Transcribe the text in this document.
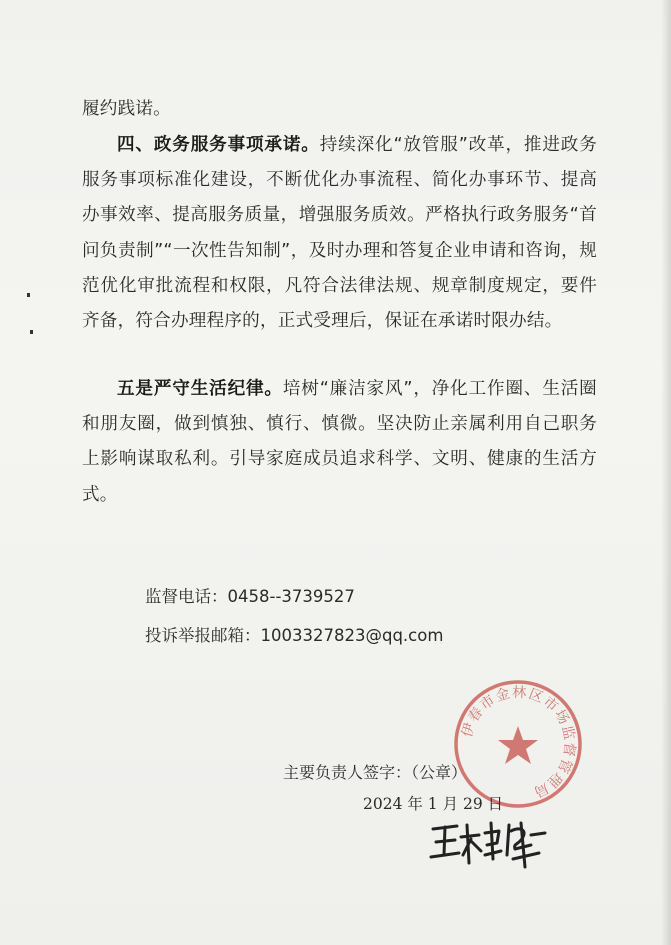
履约践诺。

四、政务服务事项承诺。持续深化“放管服”改革，推进政务服务事项标准化建设，不断优化办事流程、简化办事环节、提高办事效率、提高服务质量，增强服务质效。严格执行政务服务“首问负责制”“一次性告知制”，及时办理和答复企业申请和咨询，规范优化审批流程和权限，凡符合法律法规、规章制度规定，要件齐备，符合办理程序的，正式受理后，保证在承诺时限办结。

五是严守生活纪律。培树“廉洁家风”，净化工作圈、生活圈和朋友圈，做到慎独、慎行、慎微。坚决防止亲属利用自己职务上影响谋取私利。引导家庭成员追求科学、文明、健康的生活方式。

监督电话：0458--3739527
投诉举报邮箱：1003327823@qq.com
伊春市金林区市场监督管理局
主要负责人签字：（公章）
2024 年 1 月 29 日
